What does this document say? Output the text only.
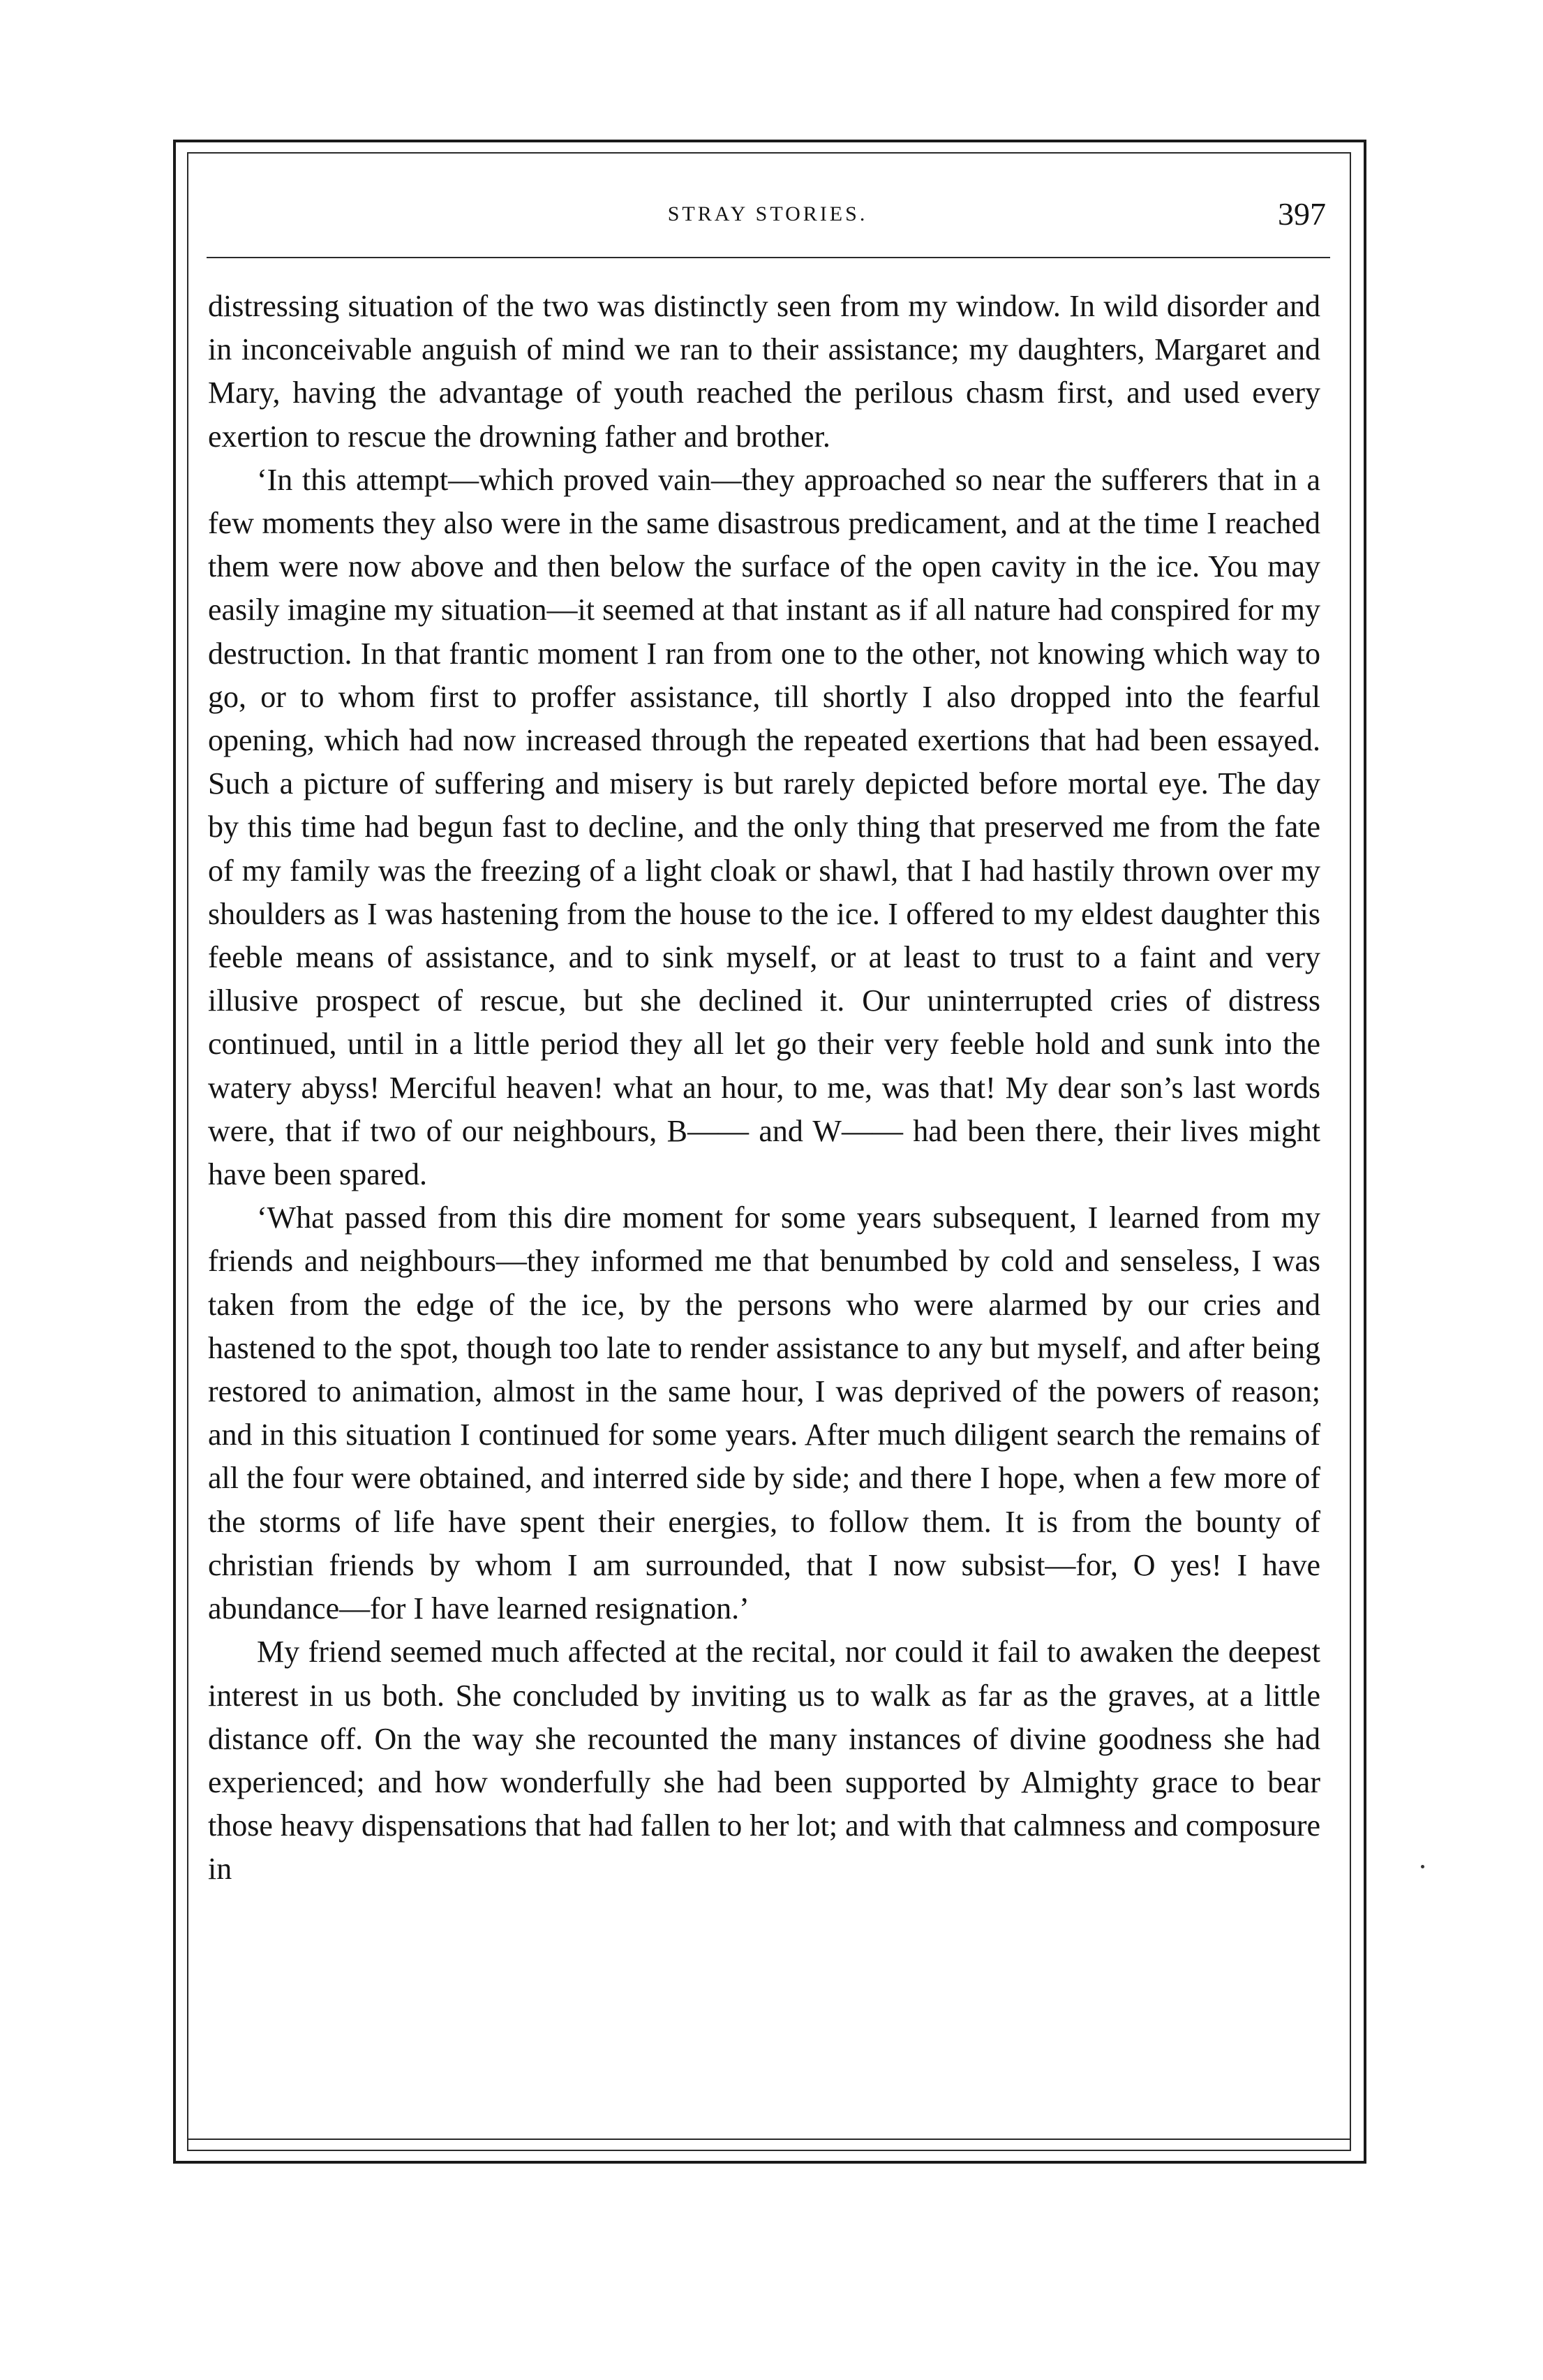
STRAY STORIES.	397

distressing situation of the two was distinctly seen from my window. In wild disorder and in inconceivable anguish of mind we ran to their assistance; my daughters, Margaret and Mary, having the advantage of youth reached the perilous chasm first, and used every exertion to rescue the drowning father and brother.

‘In this attempt—which proved vain—they approached so near the sufferers that in a few moments they also were in the same disastrous predicament, and at the time I reached them were now above and then below the surface of the open cavity in the ice. You may easily imagine my situation—it seemed at that instant as if all nature had conspired for my destruction. In that frantic moment I ran from one to the other, not knowing which way to go, or to whom first to proffer assistance, till shortly I also dropped into the fearful opening, which had now increased through the repeated exertions that had been essayed. Such a picture of suffering and misery is but rarely depicted before mortal eye. The day by this time had begun fast to decline, and the only thing that preserved me from the fate of my family was the freezing of a light cloak or shawl, that I had hastily thrown over my shoulders as I was hastening from the house to the ice. I offered to my eldest daughter this feeble means of assistance, and to sink myself, or at least to trust to a faint and very illusive prospect of rescue, but she declined it. Our uninterrupted cries of distress continued, until in a little period they all let go their very feeble hold and sunk into the watery abyss! Merciful heaven! what an hour, to me, was that! My dear son’s last words were, that if two of our neighbours, B—— and W—— had been there, their lives might have been spared.

‘What passed from this dire moment for some years subsequent, I learned from my friends and neighbours—they informed me that benumbed by cold and senseless, I was taken from the edge of the ice, by the persons who were alarmed by our cries and hastened to the spot, though too late to render assistance to any but myself, and after being restored to animation, almost in the same hour, I was deprived of the powers of reason; and in this situation I continued for some years. After much diligent search the remains of all the four were obtained, and interred side by side; and there I hope, when a few more of the storms of life have spent their energies, to follow them. It is from the bounty of christian friends by whom I am surrounded, that I now subsist—for, O yes! I have abundance—for I have learned resignation.’

My friend seemed much affected at the recital, nor could it fail to awaken the deepest interest in us both. She concluded by inviting us to walk as far as the graves, at a little distance off. On the way she recounted the many instances of divine goodness she had experienced; and how wonderfully she had been supported by Almighty grace to bear those heavy dispensations that had fallen to her lot; and with that calmness and composure in
